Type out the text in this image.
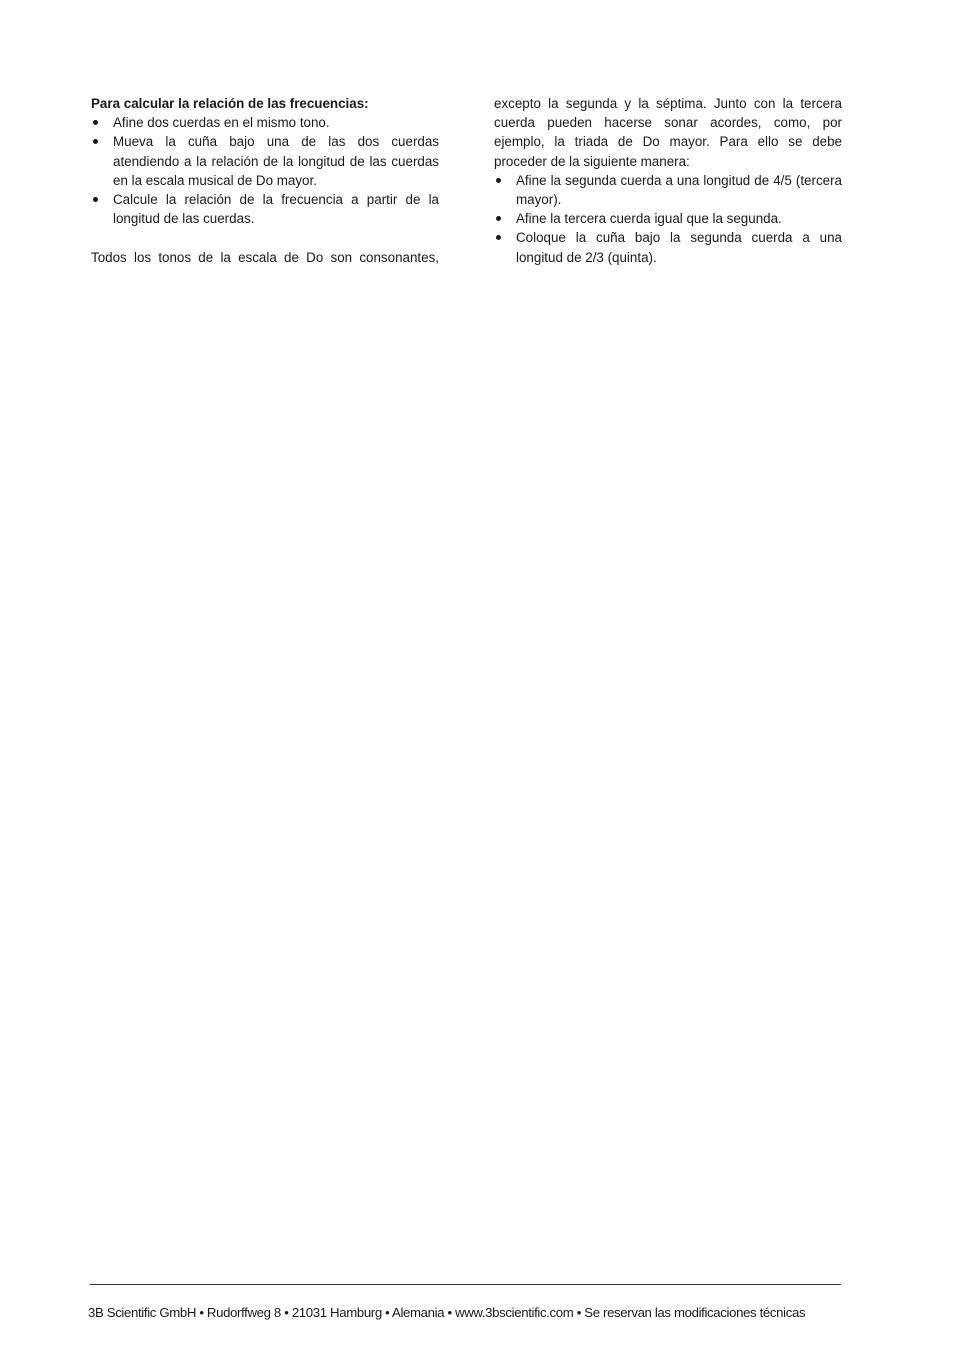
Para calcular la relación de las frecuencias:

Afine dos cuerdas en el mismo tono.
Mueva la cuña bajo una de las dos cuerdas atendiendo a la relación de la longitud de las cuerdas en la escala musical de Do mayor.
Calcule la relación de la frecuencia a partir de la longitud de las cuerdas.

Todos los tonos de la escala de Do son consonantes,

excepto la segunda y la séptima. Junto con la tercera cuerda pueden hacerse sonar acordes, como, por ejemplo, la triada de Do mayor. Para ello se debe proceder de la siguiente manera:

Afine la segunda cuerda a una longitud de 4/5 (tercera mayor).
Afine la tercera cuerda igual que la segunda.
Coloque la cuña bajo la segunda cuerda a una longitud de 2/3 (quinta).
3B Scientific GmbH • Rudorffweg 8 • 21031 Hamburg • Alemania • www.3bscientific.com • Se reservan las modificaciones técnicas
